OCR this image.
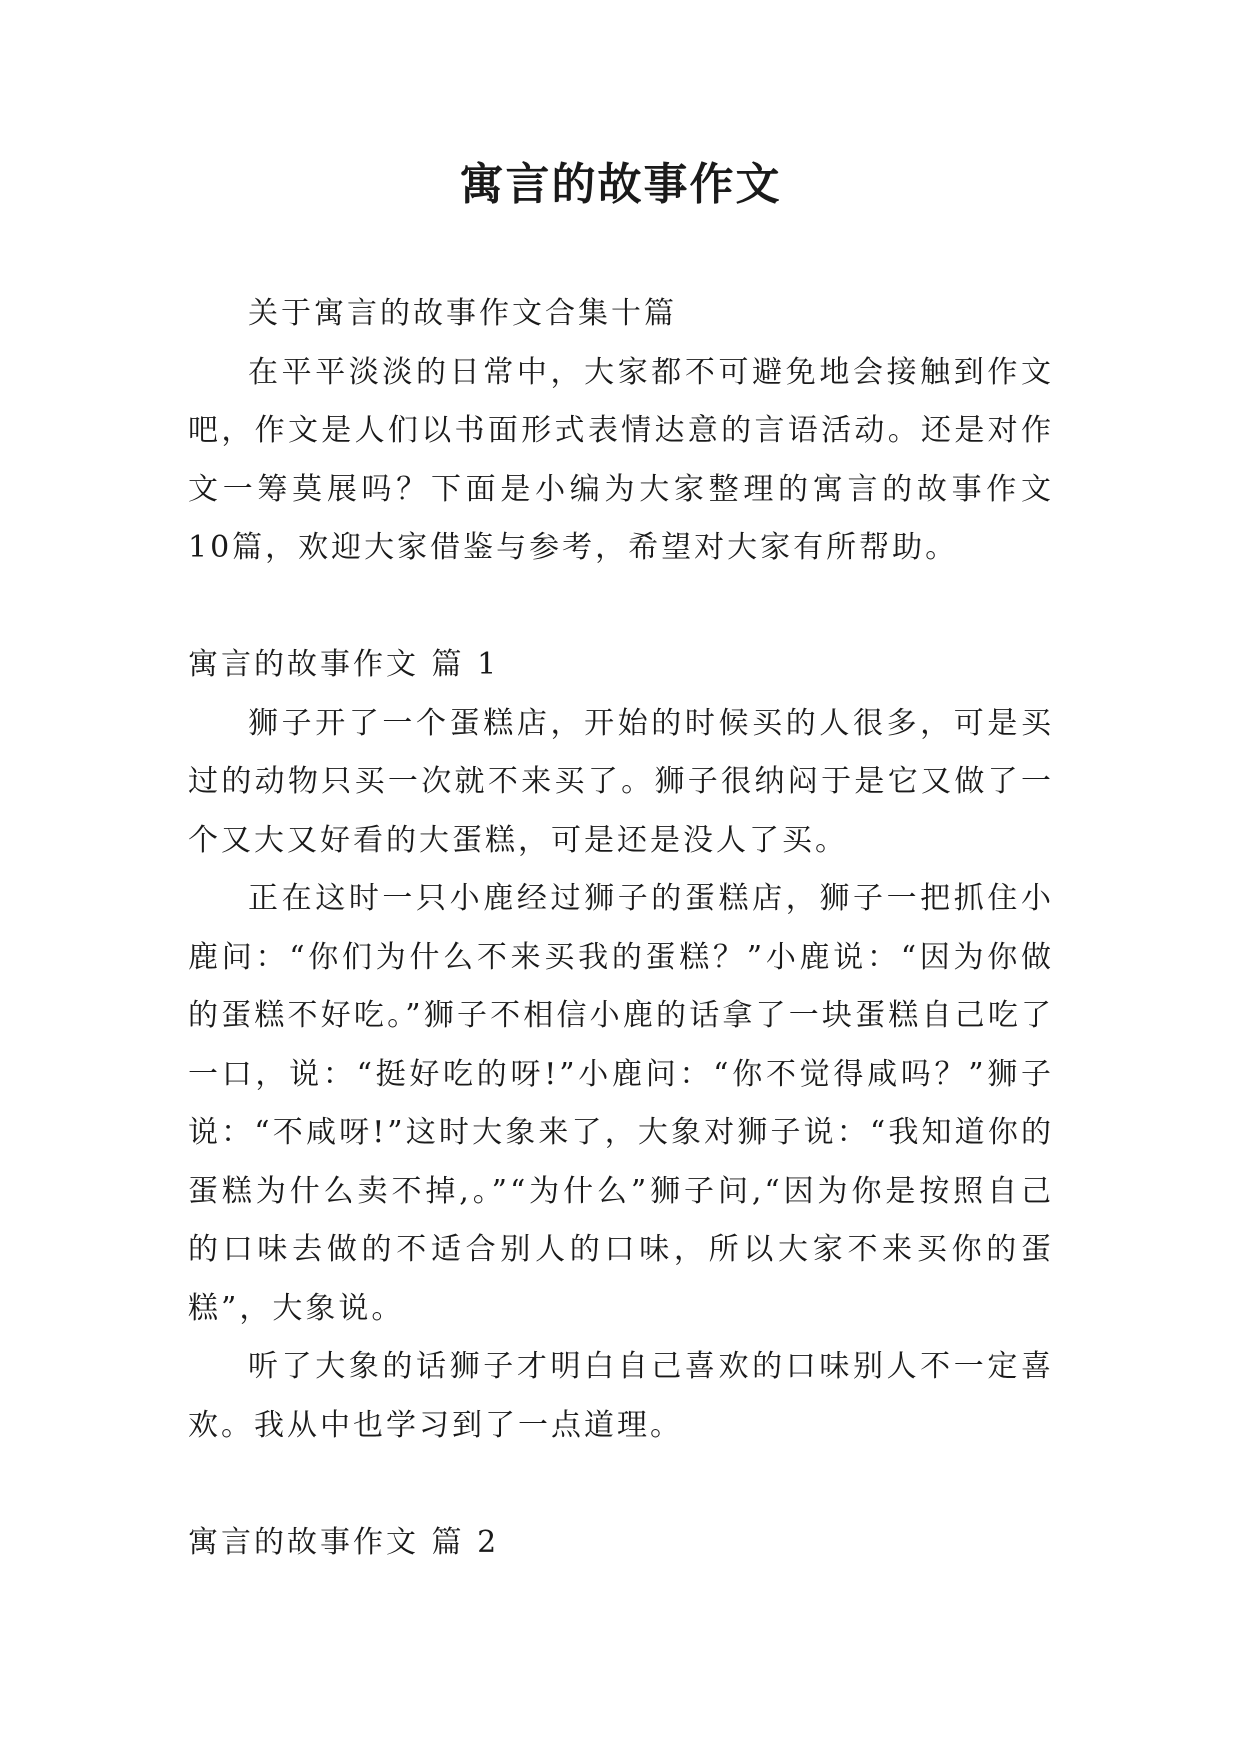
寓言的故事作文

关于寓言的故事作文合集十篇

在平平淡淡的日常中，大家都不可避免地会接触到作文吧，作文是人们以书面形式表情达意的言语活动。还是对作文一筹莫展吗？下面是小编为大家整理的寓言的故事作文10篇，欢迎大家借鉴与参考，希望对大家有所帮助。

寓言的故事作文 篇 1

狮子开了一个蛋糕店，开始的时候买的人很多，可是买过的动物只买一次就不来买了。狮子很纳闷于是它又做了一个又大又好看的大蛋糕，可是还是没人了买。

正在这时一只小鹿经过狮子的蛋糕店，狮子一把抓住小鹿问：“你们为什么不来买我的蛋糕？”小鹿说：“因为你做的蛋糕不好吃。”狮子不相信小鹿的话拿了一块蛋糕自己吃了一口，说：“挺好吃的呀!”小鹿问：“你不觉得咸吗？”狮子说：“不咸呀!”这时大象来了，大象对狮子说：“我知道你的蛋糕为什么卖不掉,。”“为什么”狮子问,“因为你是按照自己的口味去做的不适合别人的口味，所以大家不来买你的蛋糕”，大象说。

听了大象的话狮子才明白自己喜欢的口味别人不一定喜欢。我从中也学习到了一点道理。

寓言的故事作文 篇 2
